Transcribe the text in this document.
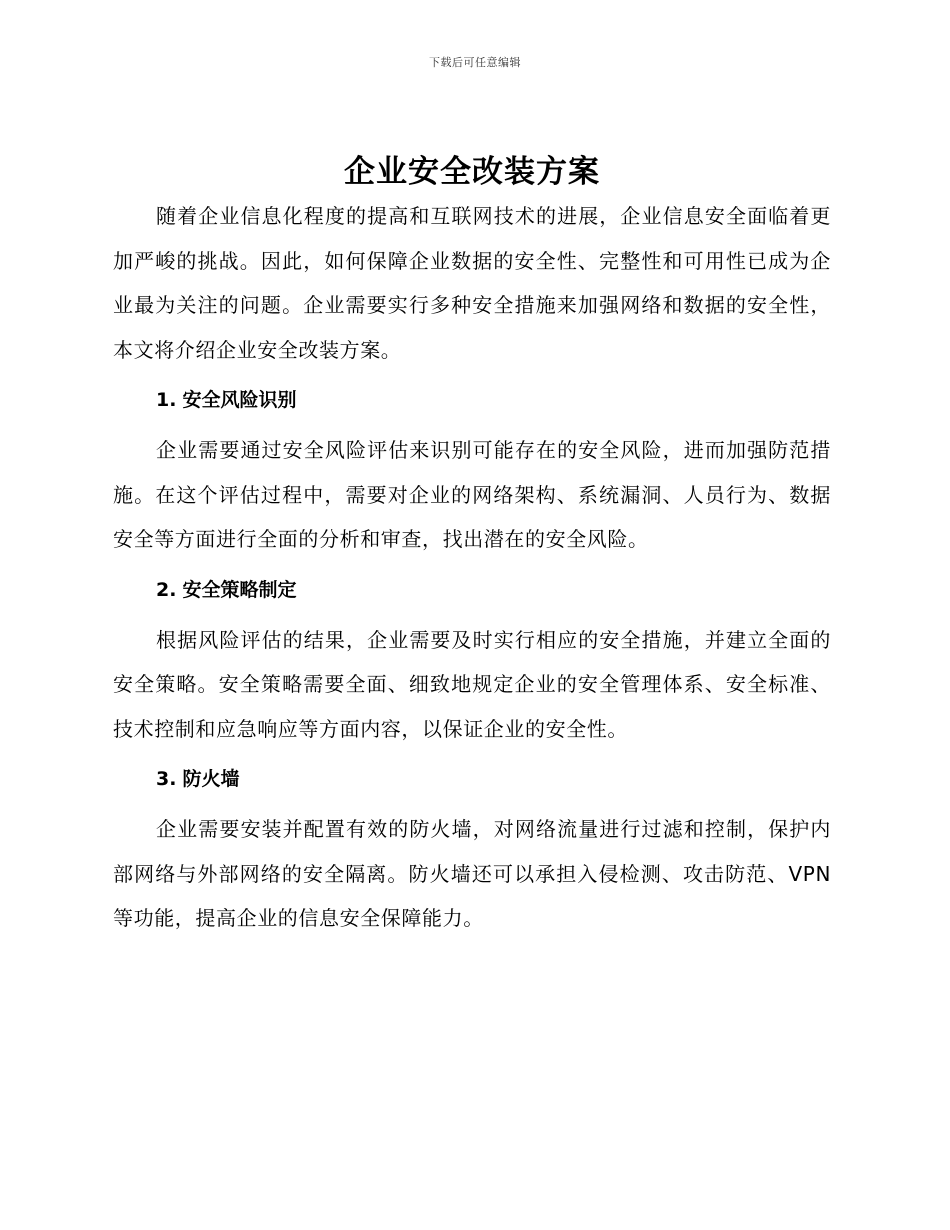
下载后可任意编辑
企业安全改装方案

随着企业信息化程度的提高和互联网技术的进展，企业信息安全面临着更加严峻的挑战。因此，如何保障企业数据的安全性、完整性和可用性已成为企业最为关注的问题。企业需要实行多种安全措施来加强网络和数据的安全性，本文将介绍企业安全改装方案。

1. 安全风险识别

企业需要通过安全风险评估来识别可能存在的安全风险，进而加强防范措施。在这个评估过程中，需要对企业的网络架构、系统漏洞、人员行为、数据安全等方面进行全面的分析和审查，找出潜在的安全风险。

2. 安全策略制定

根据风险评估的结果，企业需要及时实行相应的安全措施，并建立全面的安全策略。安全策略需要全面、细致地规定企业的安全管理体系、安全标准、技术控制和应急响应等方面内容，以保证企业的安全性。

3. 防火墙

企业需要安装并配置有效的防火墙，对网络流量进行过滤和控制，保护内部网络与外部网络的安全隔离。防火墙还可以承担入侵检测、攻击防范、VPN 等功能，提高企业的信息安全保障能力。
